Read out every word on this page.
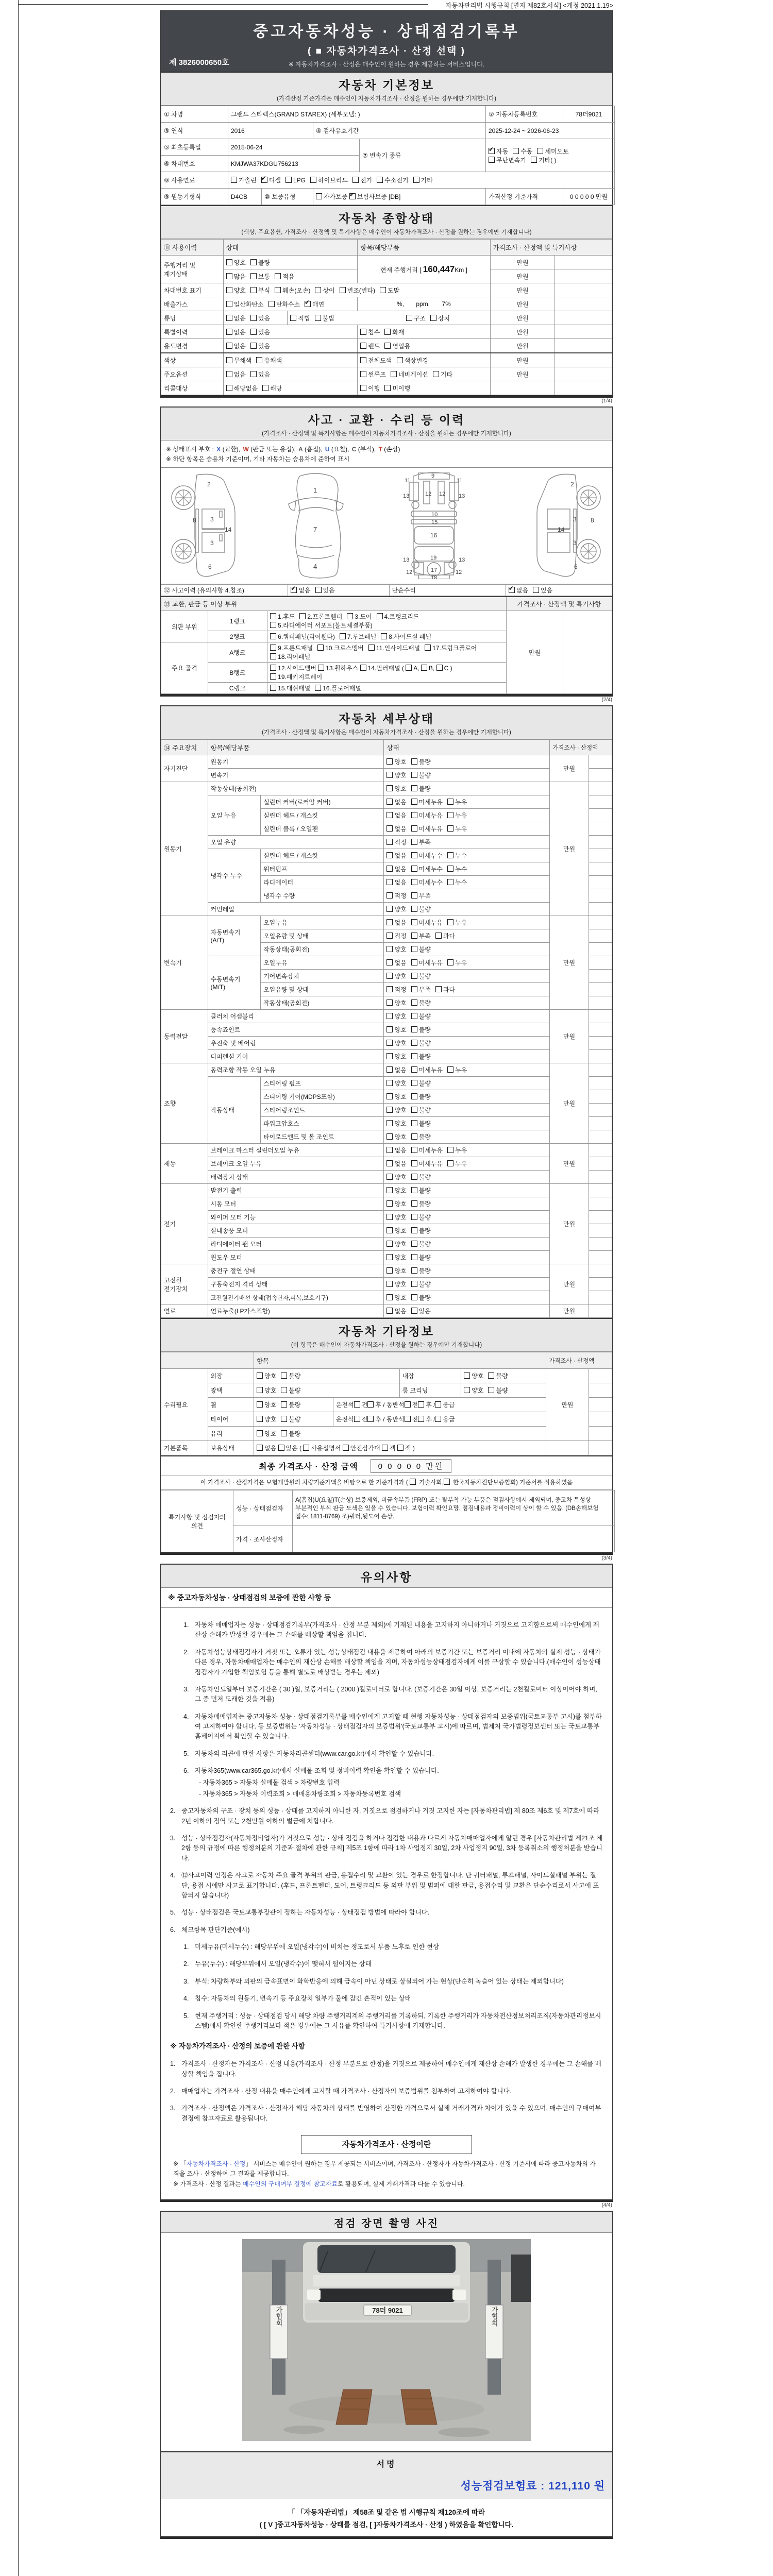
자동차관리법 시행규칙 [별지 제82호서식] <개정 2021.1.19>
중고자동차성능 · 상태점검기록부
( ■ 자동차가격조사 · 산정 선택 )
※ 자동차가격조사 · 산정은 매수인이 원하는 경우 제공하는 서비스입니다.
제 3826000650호
자동차 기본정보
(가격산정 기준가격은 매수인이 자동차가격조사 · 산정을 원하는 경우에만 기재합니다)
① 차명	그랜드 스타렉스(GRAND STAREX) (세부모델: )				② 자동차등록번호	78더9021
③ 연식	2016		④ 검사유효기간		2025-12-24 ~ 2026-06-23	
⑤ 최초등록일	2015-06-24			⑦ 변속기 종류	✔자동 수동 세미오토무단변속기 기타( )
⑥ 차대번호	KMJWA37KDGU756213					
⑧ 사용연료	가솔린 ✔ 디젤 LPG 하이브리드 전기 수소전기 기타
⑨ 원동기형식	D4CB	⑩ 보증유형	자가보증 ✔보험사보증 [DB]		가격산정 기준가격	0 0 0 0 0 만원
자동차 종합상태
(색상, 주요옵션, 가격조사 · 산정액 및 특기사항은 매수인이 자동차가격조사 · 산정을 원하는 경우에만 기재합니다)
⑪ 사용이력	상태		항목/해당부품	가격조사 · 산정액 및 특기사항	
주행거리 및 계기상태	양호 불량		현재 주행거리 [ 160,447Km ]	만원	
	많음 보통 적음			만원	
차대번호 표기	양호 부식 훼손(오손) 상이 변조(변타) 도말			만원	
배출가스	일산화탄소 탄화수소 ✔ 매연		%,       ppm,       7%	만원	
튜닝	없음 있음	적법 불법 구조 장치		만원	
특별이력	없음 있음		침수 화재	만원	
용도변경	없음 있음		렌트 영업용	만원	
색상	무채색 유채색		전체도색 색상변경	만원	
주요옵션	없음 있음		썬루프 네비게이션 기타	만원	
리콜대상	해당없음 해당		이행 미이행		
(1/4)
사고 · 교환 · 수리 등 이력
(가격조사 · 산정액 및 특기사항은 매수인이 자동차가격조사 · 산정을 원하는 경우에만 기재합니다)
※ 상태표시 부호 : X (교환), W (판금 또는 용접), A (흠집), U (요철), C (부식), T (손상)
※ 하단 항목은 승용차 기준이며, 기타 자동차는 승용차에 준하여 표시
2
8 3
14
3
6
1
7
4
11	11
9
13	13
12 12
10
15
16
19
13	13
12	12
17
18
2
8
3
14
3
6
⑫ 사고이력 (유의사항 4.참조)	✔없음 있음	단순수리	✔없음 있음
⑬ 교환, 판금 등 이상 부위			가격조사 · 산정액 및 특기사항	
외판 부위	1랭크	1.후드 2.프론트휀더 3.도어 4.트렁크리드5.라디에이터 서포트(볼트체결부품)	만원	
	2랭크	6.쿼터패널(리어휀다) 7.루브패널 8.사이드실 패널		
주요 골격	A랭크	9.프론트패널 10.크로스멤버 11.인사이드패널 17.트렁크플로어18.리어패널		
	B랭크	12.사이드멤버 13.휠하우스 14.필러패널 ( A, B, C )
19.패키지트레이		
	C랭크	15.대쉬패널 16.플로어패널		
(2/4)
자동차 세부상태
(가격조사 · 산정액 및 특기사항은 매수인이 자동차가격조사 · 산정을 원하는 경우에만 기재합니다)
⑭ 주요장치	항목/해당부품		상태	가격조사 · 산정액	
자기진단	원동기		양호 불량	만원	
	변속기		양호 불량		
원동기	작동상태(공회전)		양호 불량	만원	
	오일 누유	실린더 커버(로커암 커버)	없음 미세누유 누유		
		실린더 헤드 / 개스킷	없음 미세누유 누유		
		실린더 블록 / 오일팬	없음 미세누유 누유		
	오일 유량		적정 부족		
	냉각수 누수	실린더 헤드 / 개스킷	없음 미세누수 누수		
		워터펌프	없음 미세누수 누수		
		라디에이터	없음 미세누수 누수		
		냉각수 수량	적정 부족		
	커먼레일		양호 불량		
변속기	자동변속기
(A/T)	오일누유	없음 미세누유 누유	만원	
		오일유량 및 상태	적정 부족 과다		
		작동상태(공회전)	양호 불량		
	수동변속기
(M/T)	오일누유	없음 미세누유 누유		
		기어변속장치	양호 불량		
		오일유량 및 상태	적정 부족 과다		
		작동상태(공회전)	양호 불량		
동력전달	클러치 어셈블리		양호 불량	만원	
	등속죠인트		양호 불량		
	추진축 및 베어링		양호 불량		
	디퍼렌셜 기어		양호 불량		
조향	동력조향 작동 오일 누유		없음 미세누유 누유	만원	
	작동상태	스티어링 펌프	양호 불량		
		스티어링 기어(MDPS포함)	양호 불량		
		스티어링조인트	양호 불량		
		파워고압호스	양호 불량		
		타이로드엔드 및 볼 조인트	양호 불량		
제동	브레이크 마스터 실린더오일 누유		없음 미세누유 누유	만원	
	브레이크 오일 누유		없음 미세누유 누유		
	배력장치 상태		양호 불량		
전기	발전기 출력		양호 불량	만원	
	시동 모터		양호 불량		
	와이퍼 모터 기능		양호 불량		
	실내송풍 모터		양호 불량		
	라디에이터 팬 모터		양호 불량		
	윈도우 모터		양호 불량		
고전원
전기장치	충전구 절연 상태		양호 불량	만원	
	구동축전지 격리 상태		양호 불량		
	고전원전기배선 상태(접속단자,피복,보호기구)		양호 불량		
연료	연료누출(LP가스포함)		없음 있음	만원	
자동차 기타정보
(이 항목은 매수인이 자동차가격조사 · 산정을 원하는 경우에만 기재합니다)
		항목				가격조사 · 산정액	
수리필요	외장	양호 불량		내장	양호 불량	만원	
	광택	양호 불량		룸 크리닝	양호 불량		
	휠	양호 불량	운전석 전 후 / 동반석 전 후 / 응급				
	타이어	양호 불량	운전석 전 후 / 동반석 전 후 / 응급				
	유리	양호 불량					
기본품목	보유상태	없음 있음 ( 사용설명서 안전삼각대 잭 잭 )					
최종 가격조사 · 산정 금액	0 0 0 0 0 만원
이 가격조사 · 산정가격은 보험개발원의 차량기준가액을 바탕으로 한 기준가격과 (  기술사회, 한국자동차진단보증협회) 기준서를 적용하였음
특기사항 및 점검자의 의견	성능 · 상태점검자	A(흠집)U(요철)T(손상) 보증제외, 비금속부품 (FRP) 또는 탈부착 가능 부품은 점검사항에서 제외되며, 중고차 특성상 부분적인 부식 판금 도색은 있을 수 있습니다. 보험이력 확인요망. 점검내용과 정비이력이 상이 할 수 있음. (DB손해보험 접수: 1811-8769) 조)쿼터,뒷도어 손상.
	가격 · 조사산정자	
(3/4)
유의사항
※ 중고자동차성능 · 상태점검의 보증에 관한 사항 등
1. 자동차 매매업자는 성능 · 상태점검기록부(가격조사 · 산정 부분 제외)에 기재된 내용을 고지하지 아니하거나 거짓으로 고지함으로써 매수인에게 재산상 손해가 발생한 경우에는 그 손해를 배상할 책임을 집니다.
2. 자동차성능상태점검자가 거짓 또는 오류가 있는 성능상태점검 내용을 제공하여 아래의 보증기간 또는 보증거리 이내에 자동차의 실제 성능 · 상태가 다른 경우, 자동차매매업자는 매수인의 재산상 손해를 배상할 책임을 지며, 자동차성능상태점검자에게 이를 구상할 수 있습니다.(매수인이 성능상태점검자가 가입한 책임보험 등을 통해 별도로 배상받는 경우는 제외)
3. 자동차인도일부터 보증기간은 ( 30 )일, 보증거리는 ( 2000 )킬로미터로 합니다. (보증기간은 30일 이상, 보증거리는 2천킬로미터 이상이어야 하며, 그 중 먼저 도래한 것을 적용)
4. 자동차매매업자는 중고자동차 성능 · 상태점검기록부를 매수인에게 고지할 때 현행 자동차성능 · 상태점검자의 보증범위(국토교통부 고시)를 첨부하여 고지하여야 합니다. 동 보증범위는 '자동차성능 · 상태점검자의 보증범위'(국토교통부 고시)에 따르며, 법제처 국가법령정보센터 또는 국토교통부 홈페이지에서 확인할 수 있습니다.
5. 자동차의 리콜에 관한 사항은 자동차리콜센터(www.car.go.kr)에서 확인할 수 있습니다.
6. 자동차365(www.car365.go.kr)에서 실매물 조회 및 정비이력 확인을 확인할 수 있습니다.
- 자동차365 > 자동차 실매물 검색 > 차량번호 입력
- 자동차365 > 자동차 이력조회 > 매매용차량조회 > 자동차등록번호 검색
2. 중고자동차의 구조 · 장치 등의 성능 · 상태를 고지하지 아니한 자, 거짓으로 점검하거나 거짓 고지한 자는 [자동차관리법] 제 80조 제6호 및 제7호에 따라 2년 이하의 징역 또는 2천만원 이하의 벌금에 처합니다.
3. 성능 · 상태점검자(자동차정비업자)가 거짓으로 성능 · 상태 점검을 하거나 점검한 내용과 다르게 자동차매매업자에게 알린 경우 [자동차관리법 제21조 제2항 등의 규정에 따른 행정처분의 기준과 절차에 관한 규칙] 제5조 1항에 따라 1차 사업정지 30일, 2차 사업정지 90일, 3차 등록취소의 행정처분을 받습니다.
4. ⑫사고이력 인정은 사고로 자동차 주요 골격 부위의 판금, 용접수리 및 교환이 있는 경우로 한정합니다. 단 쿼터패널, 루프패널, 사이드실패널 부위는 절단, 용접 시에만 사고로 표기합니다. (후드, 프론트펜더, 도어, 트렁크리드 등 외판 부위 및 범퍼에 대한 판금, 용접수리 및 교환은 단순수리로서 사고에 포함되지 않습니다)
5. 성능 · 상태점검은 국토교통부장관이 정하는 자동차성능 · 상태점검 방법에 따라야 합니다.
6. 체크항목 판단기준(예시)
1. 미세누유(미세누수) : 해당부위에 오일(냉각수)이 비치는 정도로서 부품 노후로 인한 현상
2. 누유(누수) : 해당부위에서 오일(냉각수)이 맺혀서 떨어지는 상태
3. 부식: 차량하부와 외판의 금속표면이 화학반응에 의해 금속이 아닌 상태로 상실되어 가는 현상(단순히 녹슬어 있는 상태는 제외합니다)
4. 침수: 자동차의 원동기, 변속기 등 주요장치 일부가 물에 잠긴 흔적이 있는 상태
5. 현재 주행거리 : 성능 · 상태점검 당시 해당 차량 주행거리계의 주행거리를 기록하되, 기록한 주행거리가 자동차전산정보처리조직(자동차관리정보시스템)에서 확인한 주행거리보다 적은 경우에는 그 사유를 확인하여 특기사항에 기재합니다.
※ 자동차가격조사 · 산정의 보증에 관한 사항
1. 가격조사 · 산정자는 가격조사 · 산정 내용(가격조사 · 산정 부분으로 한정)을 거짓으로 제공하여 매수인에게 재산상 손해가 발생한 경우에는 그 손해를 배상할 책임을 집니다.
2. 매매업자는 가격조사 · 산정 내용을 매수인에게 고지할 때 가격조사 · 산정자의 보증범위를 첨부하여 고지하여야 합니다.
3. 가격조사 · 산정액은 가격조사 · 산정자가 해당 자동차의 상태를 반영하여 산정한 가격으로서 실제 거래가격과 차이가 있을 수 있으며, 매수인의 구매여부 결정에 참고자료로 활용됩니다.
자동차가격조사 · 산정이란
※ 「자동차가격조사 · 산정」 서비스는 매수인이 원하는 경우 제공되는 서비스이며, 가격조사 · 산정자가 자동차가격조사 · 산정 기준서에 따라 중고자동차의 가격을 조사 · 산정하여 그 결과를 제공합니다.
※ 가격조사 · 산정 결과는 매수인의 구매여부 결정에 참고자료로 활용되며, 실제 거래가격과 다를 수 있습니다.
(4/4)
점검 장면 촬영 사진
78더 9021
가협회	가협회
서명
성능점검보험료 : 121,110 원
「 「자동차관리법」 제58조 및 같은 법 시행규칙 제120조에 따라
( [ V ]중고자동차성능 · 상태를 점검, [ ]자동차가격조사 · 산정 ) 하였음을 확인합니다.
